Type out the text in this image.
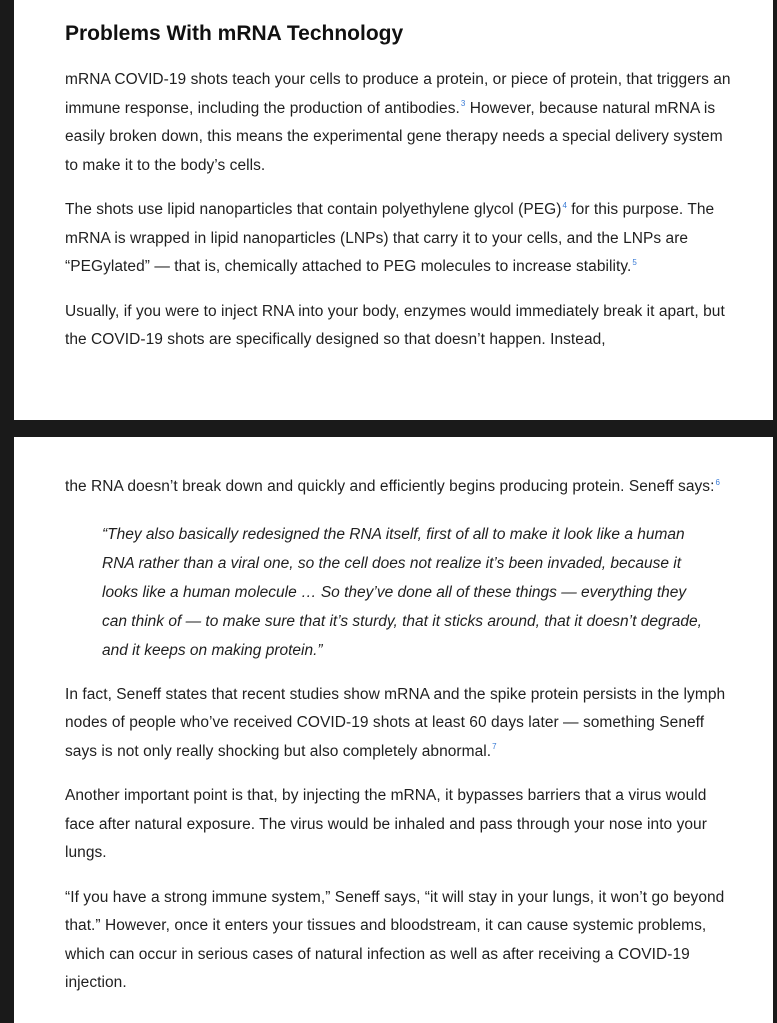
Problems With mRNA Technology

mRNA COVID-19 shots teach your cells to produce a protein, or piece of protein, that triggers an immune response, including the production of antibodies.$^3$ However, because natural mRNA is easily broken down, this means the experimental gene therapy needs a special delivery system to make it to the body’s cells.

The shots use lipid nanoparticles that contain polyethylene glycol (PEG)$^4$ for this purpose. The mRNA is wrapped in lipid nanoparticles (LNPs) that carry it to your cells, and the LNPs are “PEGylated” — that is, chemically attached to PEG molecules to increase stability.$^5$

Usually, if you were to inject RNA into your body, enzymes would immediately break it apart, but the COVID-19 shots are specifically designed so that doesn’t happen. Instead,

the RNA doesn’t break down and quickly and efficiently begins producing protein. Seneff says:$^6$

“They also basically redesigned the RNA itself, first of all to make it look like a human RNA rather than a viral one, so the cell does not realize it’s been invaded, because it looks like a human molecule … So they’ve done all of these things — everything they can think of — to make sure that it’s sturdy, that it sticks around, that it doesn’t degrade, and it keeps on making protein.”

In fact, Seneff states that recent studies show mRNA and the spike protein persists in the lymph nodes of people who’ve received COVID-19 shots at least 60 days later — something Seneff says is not only really shocking but also completely abnormal.$^7$

Another important point is that, by injecting the mRNA, it bypasses barriers that a virus would face after natural exposure. The virus would be inhaled and pass through your nose into your lungs.

“If you have a strong immune system,” Seneff says, “it will stay in your lungs, it won’t go beyond that.” However, once it enters your tissues and bloodstream, it can cause systemic problems, which can occur in serious cases of natural infection as well as after receiving a COVID-19 injection.
